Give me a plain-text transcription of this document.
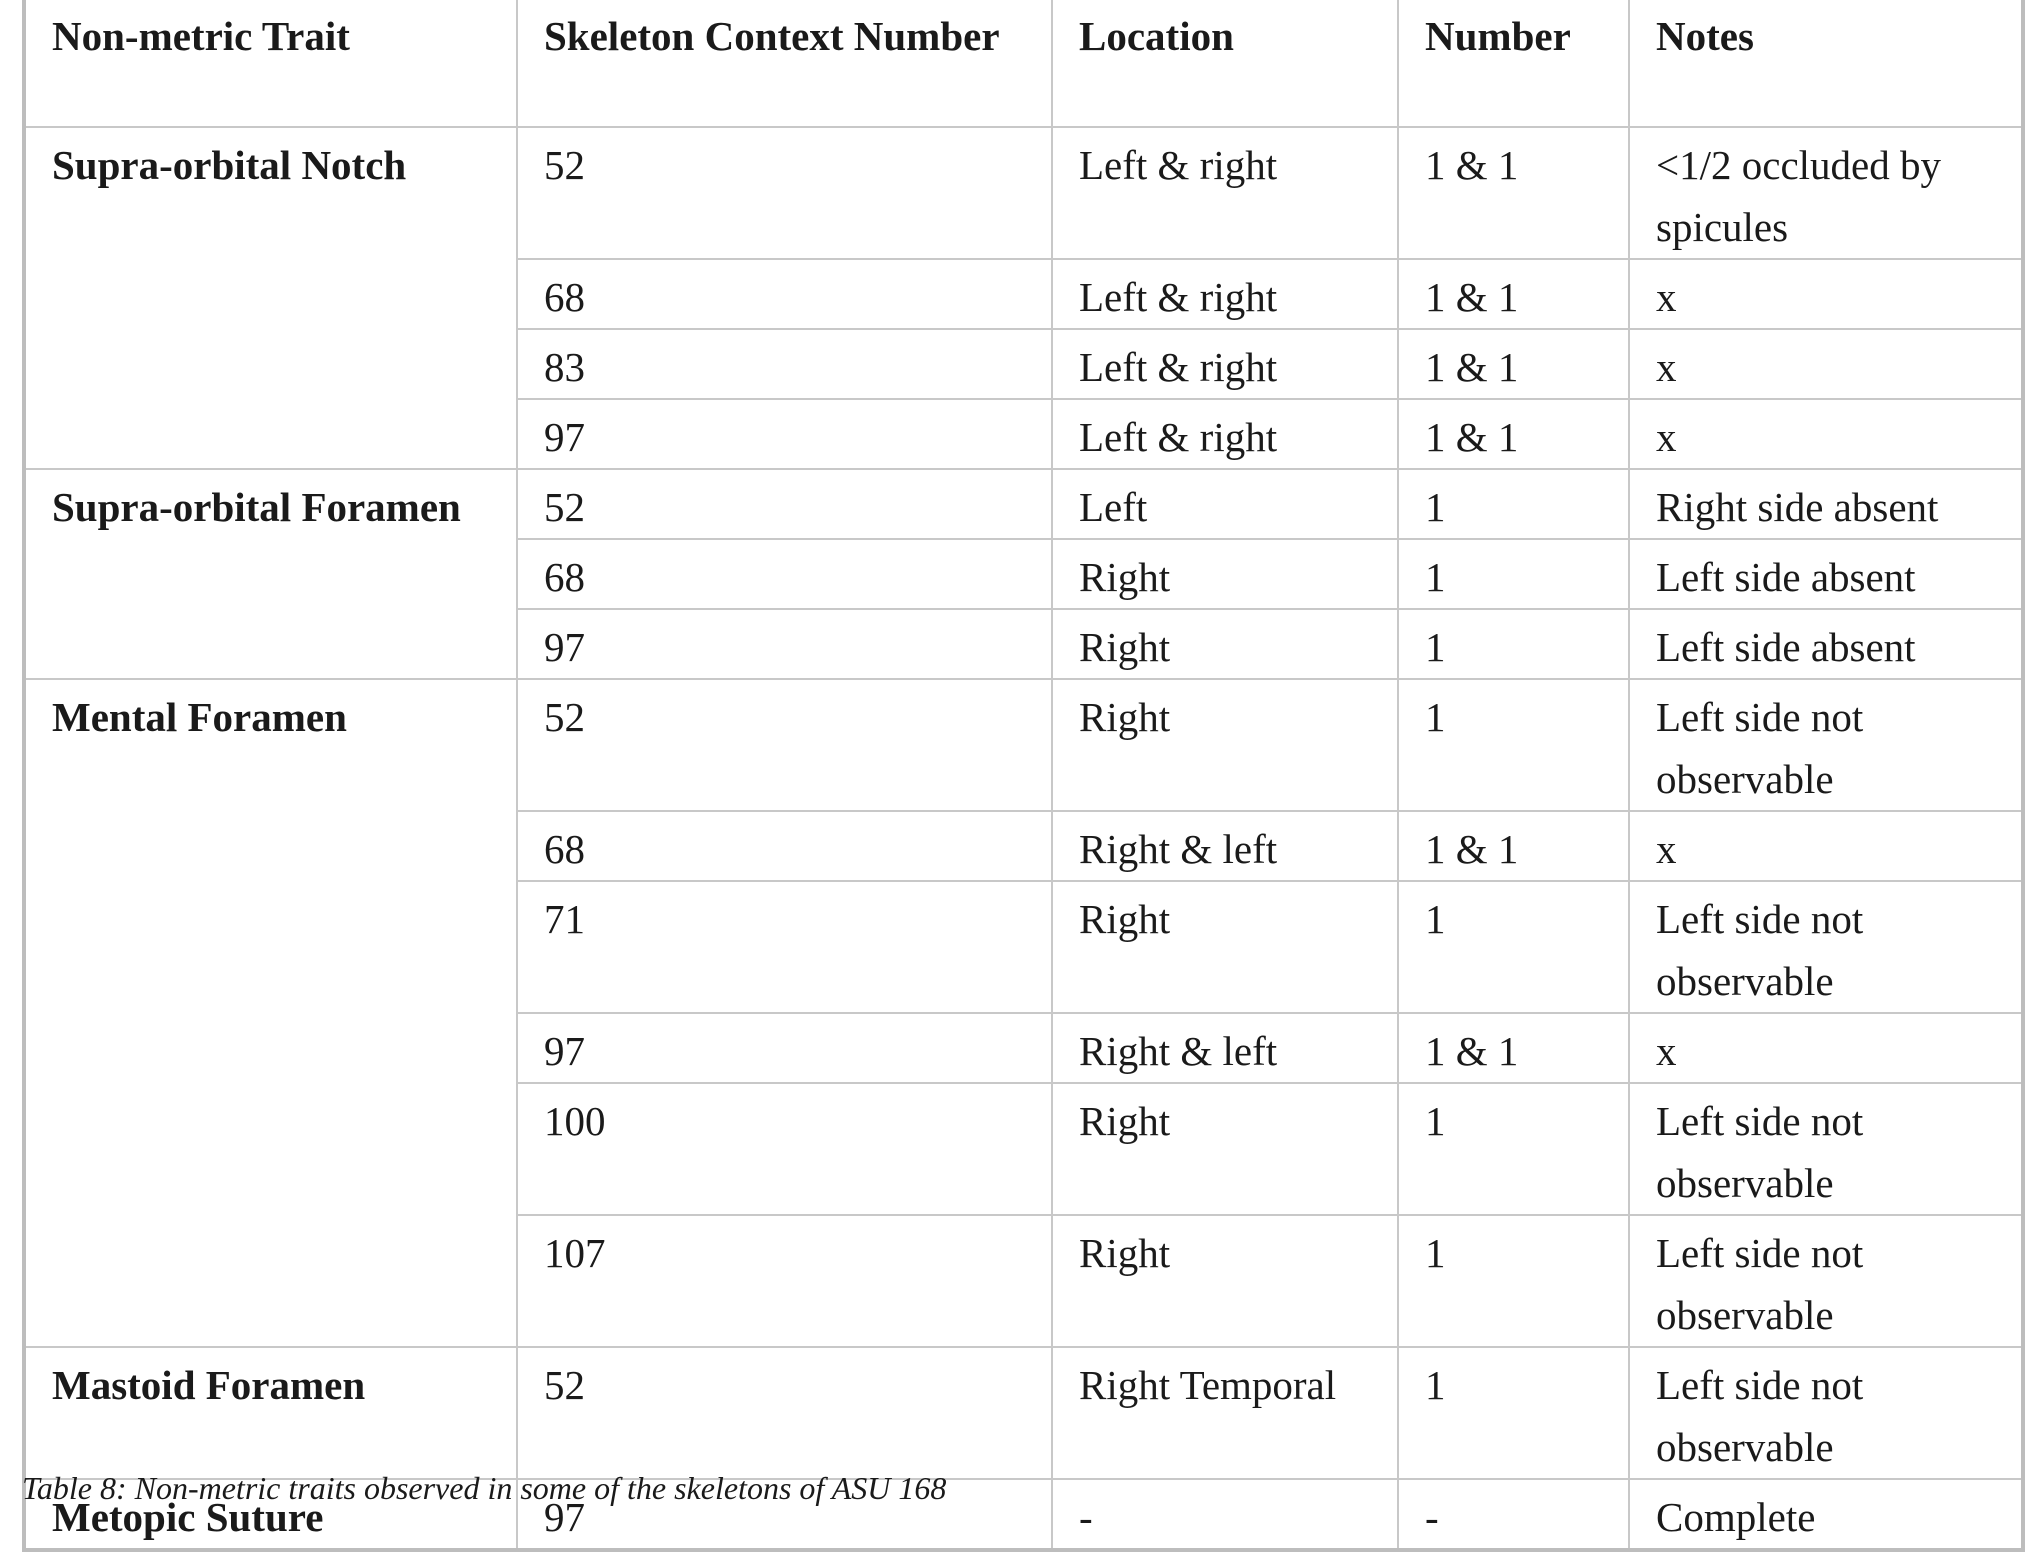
Non-metric Trait	Skeleton Context Number	Location	Number	Notes
Supra-orbital Notch	52	Left & right	1 & 1	<1/2 occluded by spicules
	68	Left & right	1 & 1	x
	83	Left & right	1 & 1	x
	97	Left & right	1 & 1	x
Supra-orbital Foramen	52	Left	1	Right side absent
	68	Right	1	Left side absent
	97	Right	1	Left side absent
Mental Foramen	52	Right	1	Left side not observable
	68	Right & left	1 & 1	x
	71	Right	1	Left side not observable
	97	Right & left	1 & 1	x
	100	Right	1	Left side not observable
	107	Right	1	Left side not observable
Mastoid Foramen	52	Right Temporal	1	Left side not observable
Metopic Suture	97	-	-	Complete
Table 8: Non-metric traits observed in some of the skeletons of ASU 168
